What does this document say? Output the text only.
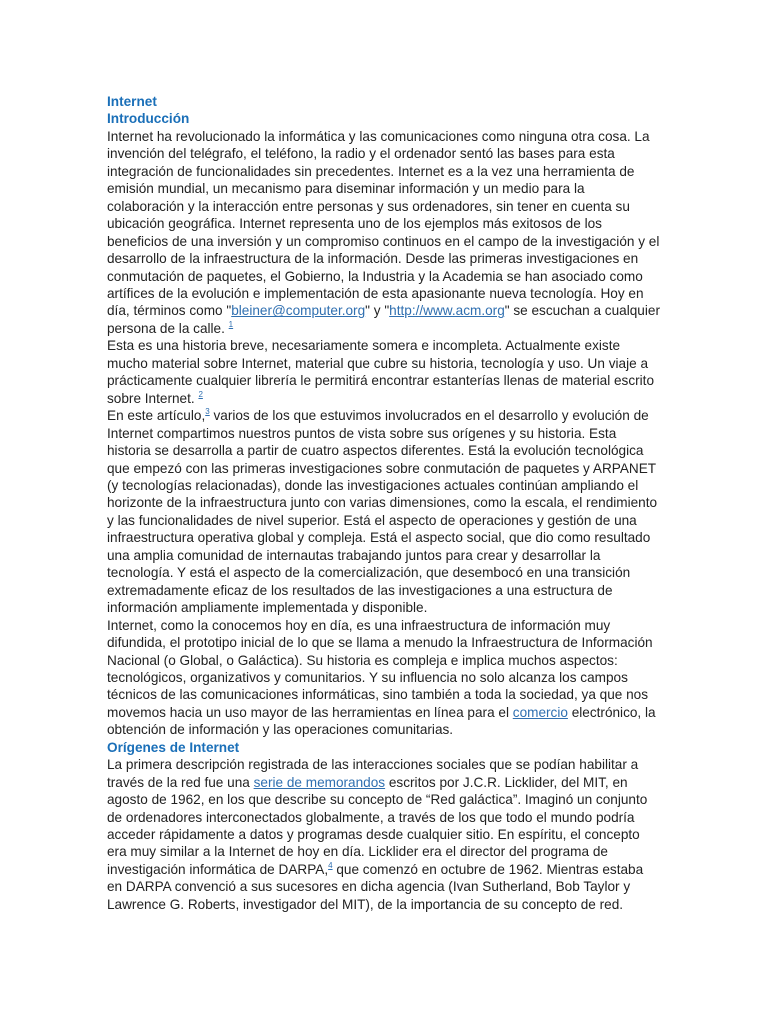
Internet
Introducción

Internet ha revolucionado la informática y las comunicaciones como ninguna otra cosa. La invención del telégrafo, el teléfono, la radio y el ordenador sentó las bases para esta integración de funcionalidades sin precedentes. Internet es a la vez una herramienta de emisión mundial, un mecanismo para diseminar información y un medio para la colaboración y la interacción entre personas y sus ordenadores, sin tener en cuenta su ubicación geográfica. Internet representa uno de los ejemplos más exitosos de los beneficios de una inversión y un compromiso continuos en el campo de la investigación y el desarrollo de la infraestructura de la información. Desde las primeras investigaciones en conmutación de paquetes, el Gobierno, la Industria y la Academia se han asociado como artífices de la evolución e implementación de esta apasionante nueva tecnología. Hoy en día, términos como "bleiner@computer.org" y "http://www.acm.org" se escuchan a cualquier persona de la calle. $^1$

Esta es una historia breve, necesariamente somera e incompleta. Actualmente existe mucho material sobre Internet, material que cubre su historia, tecnología y uso. Un viaje a prácticamente cualquier librería le permitirá encontrar estanterías llenas de material escrito sobre Internet. $^2$

En este artículo,$^3$ varios de los que estuvimos involucrados en el desarrollo y evolución de Internet compartimos nuestros puntos de vista sobre sus orígenes y su historia. Esta historia se desarrolla a partir de cuatro aspectos diferentes. Está la evolución tecnológica que empezó con las primeras investigaciones sobre conmutación de paquetes y ARPANET (y tecnologías relacionadas), donde las investigaciones actuales continúan ampliando el horizonte de la infraestructura junto con varias dimensiones, como la escala, el rendimiento y las funcionalidades de nivel superior. Está el aspecto de operaciones y gestión de una infraestructura operativa global y compleja. Está el aspecto social, que dio como resultado una amplia comunidad de internautas trabajando juntos para crear y desarrollar la tecnología. Y está el aspecto de la comercialización, que desembocó en una transición extremadamente eficaz de los resultados de las investigaciones a una estructura de información ampliamente implementada y disponible.

Internet, como la conocemos hoy en día, es una infraestructura de información muy difundida, el prototipo inicial de lo que se llama a menudo la Infraestructura de Información Nacional (o Global, o Galáctica). Su historia es compleja e implica muchos aspectos: tecnológicos, organizativos y comunitarios. Y su influencia no solo alcanza los campos técnicos de las comunicaciones informáticas, sino también a toda la sociedad, ya que nos movemos hacia un uso mayor de las herramientas en línea para el comercio electrónico, la obtención de información y las operaciones comunitarias.

Orígenes de Internet

La primera descripción registrada de las interacciones sociales que se podían habilitar a través de la red fue una serie de memorandos escritos por J.C.R. Licklider, del MIT, en agosto de 1962, en los que describe su concepto de “Red galáctica”. Imaginó un conjunto de ordenadores interconectados globalmente, a través de los que todo el mundo podría acceder rápidamente a datos y programas desde cualquier sitio. En espíritu, el concepto era muy similar a la Internet de hoy en día. Licklider era el director del programa de investigación informática de DARPA,$^4$ que comenzó en octubre de 1962. Mientras estaba en DARPA convenció a sus sucesores en dicha agencia (Ivan Sutherland, Bob Taylor y Lawrence G. Roberts, investigador del MIT), de la importancia de su concepto de red.
